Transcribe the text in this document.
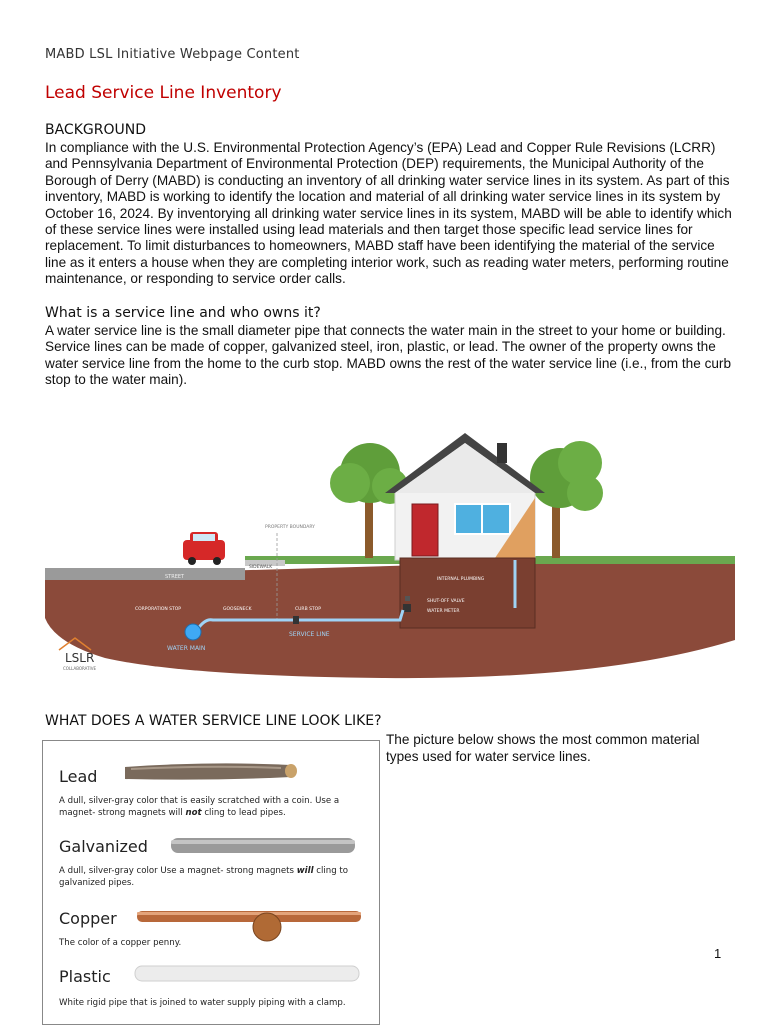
MABD LSL Initiative Webpage Content
Lead Service Line Inventory
BACKGROUND
In compliance with the U.S. Environmental Protection Agency’s (EPA) Lead and Copper Rule Revisions (LCRR) and Pennsylvania Department of Environmental Protection (DEP) requirements, the Municipal Authority of the Borough of Derry (MABD) is conducting an inventory of all drinking water service lines in its system. As part of this inventory, MABD is working to identify the location and material of all drinking water service lines in its system by October 16, 2024. By inventorying all drinking water service lines in its system, MABD will be able to identify which of these service lines were installed using lead materials and then target those specific lead service lines for replacement. To limit disturbances to homeowners, MABD staff have been identifying the material of the service line as it enters a house when they are completing interior work, such as reading water meters, performing routine maintenance, or responding to service order calls.
What is a service line and who owns it?
A water service line is the small diameter pipe that connects the water main in the street to your home or building. Service lines can be made of copper, galvanized steel, iron, plastic, or lead. The owner of the property owns the water service line from the home to the curb stop. MABD owns the rest of the water service line (i.e., from the curb stop to the water main).
STREET
SIDEWALK
PROPERTY BOUNDARY
INTERNAL PLUMBING
SHUT-OFF VALVE
WATER METER
CORPORATION STOP	GOOSENECK	CURB STOP
SERVICE LINE
WATER MAIN
LSLR
COLLABORATIVE
WHAT DOES A WATER SERVICE LINE LOOK LIKE?
The picture below shows the most common material types used for water service lines.
Lead
A dull, silver-gray color that is easily scratched with a coin. Use a magnet- strong magnets will not cling to lead pipes.
Galvanized
A dull, silver-gray color Use a magnet- strong magnets will cling to galvanized pipes.
Copper
The color of a copper penny.
Plastic
White rigid pipe that is joined to water supply piping with a clamp.
1
